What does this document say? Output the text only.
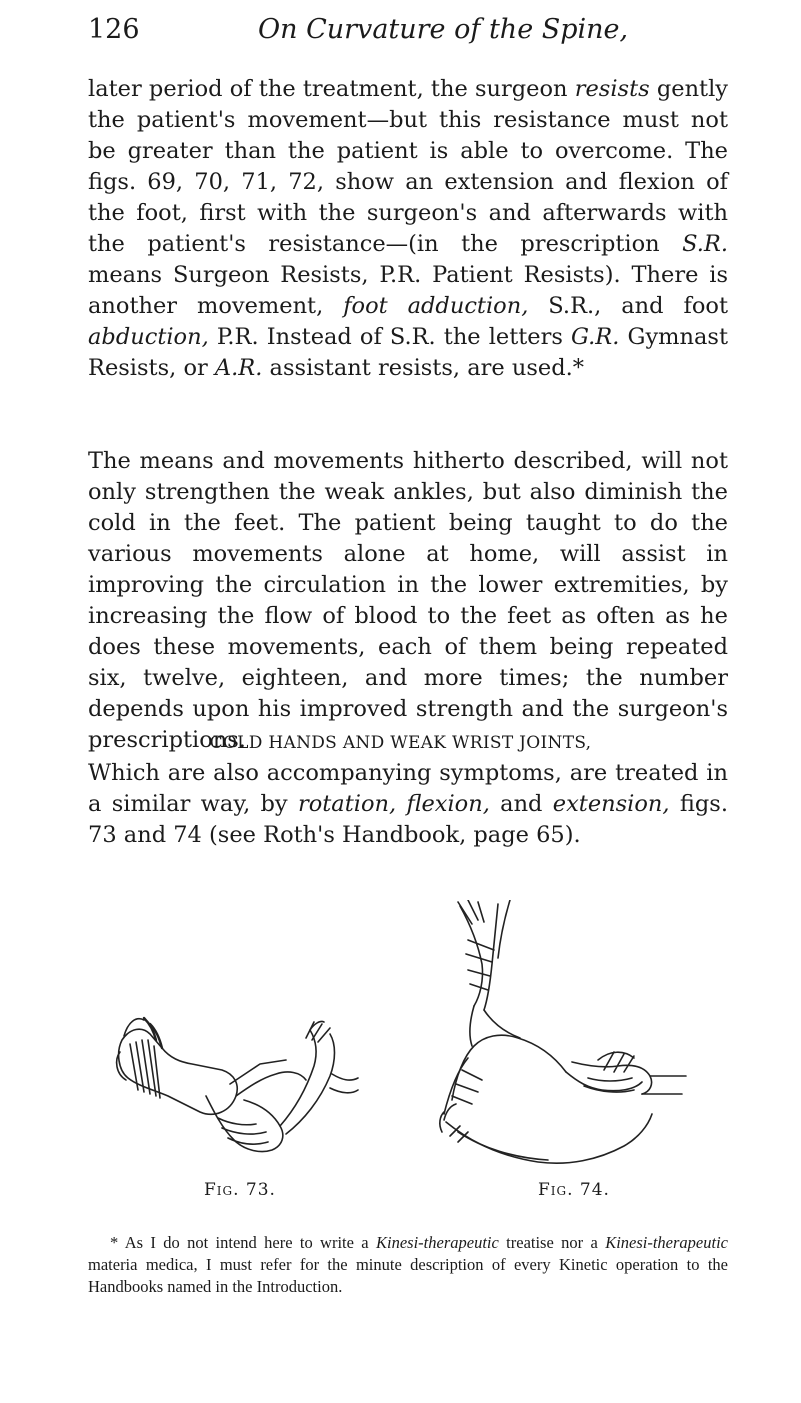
126	On Curvature of the Spine,

later period of the treatment, the surgeon resists gently the patient's movement—but this resistance must not be greater than the patient is able to overcome. The figs. 69, 70, 71, 72, show an extension and flexion of the foot, first with the surgeon's and afterwards with the patient's resistance—(in the prescription S.R. means Surgeon Resists, P.R. Patient Resists). There is another movement, foot adduction, S.R., and foot abduction, P.R. Instead of S.R. the letters G.R. Gymnast Resists, or A.R. assistant resists, are used.*

The means and movements hitherto described, will not only strengthen the weak ankles, but also diminish the cold in the feet. The patient being taught to do the various movements alone at home, will assist in improving the circulation in the lower extremities, by increasing the flow of blood to the feet as often as he does these movements, each of them being repeated six, twelve, eighteen, and more times; the number depends upon his improved strength and the surgeon's prescriptions.

COLD HANDS AND WEAK WRIST JOINTS,

Which are also accompanying symptoms, are treated in a similar way, by rotation, flexion, and extension, figs. 73 and 74 (see Roth's Handbook, page 65).

Fig. 73.	Fig. 74.

* As I do not intend here to write a Kinesi-therapeutic treatise nor a Kinesi-therapeutic materia medica, I must refer for the minute description of every Kinetic operation to the Handbooks named in the Introduction.
